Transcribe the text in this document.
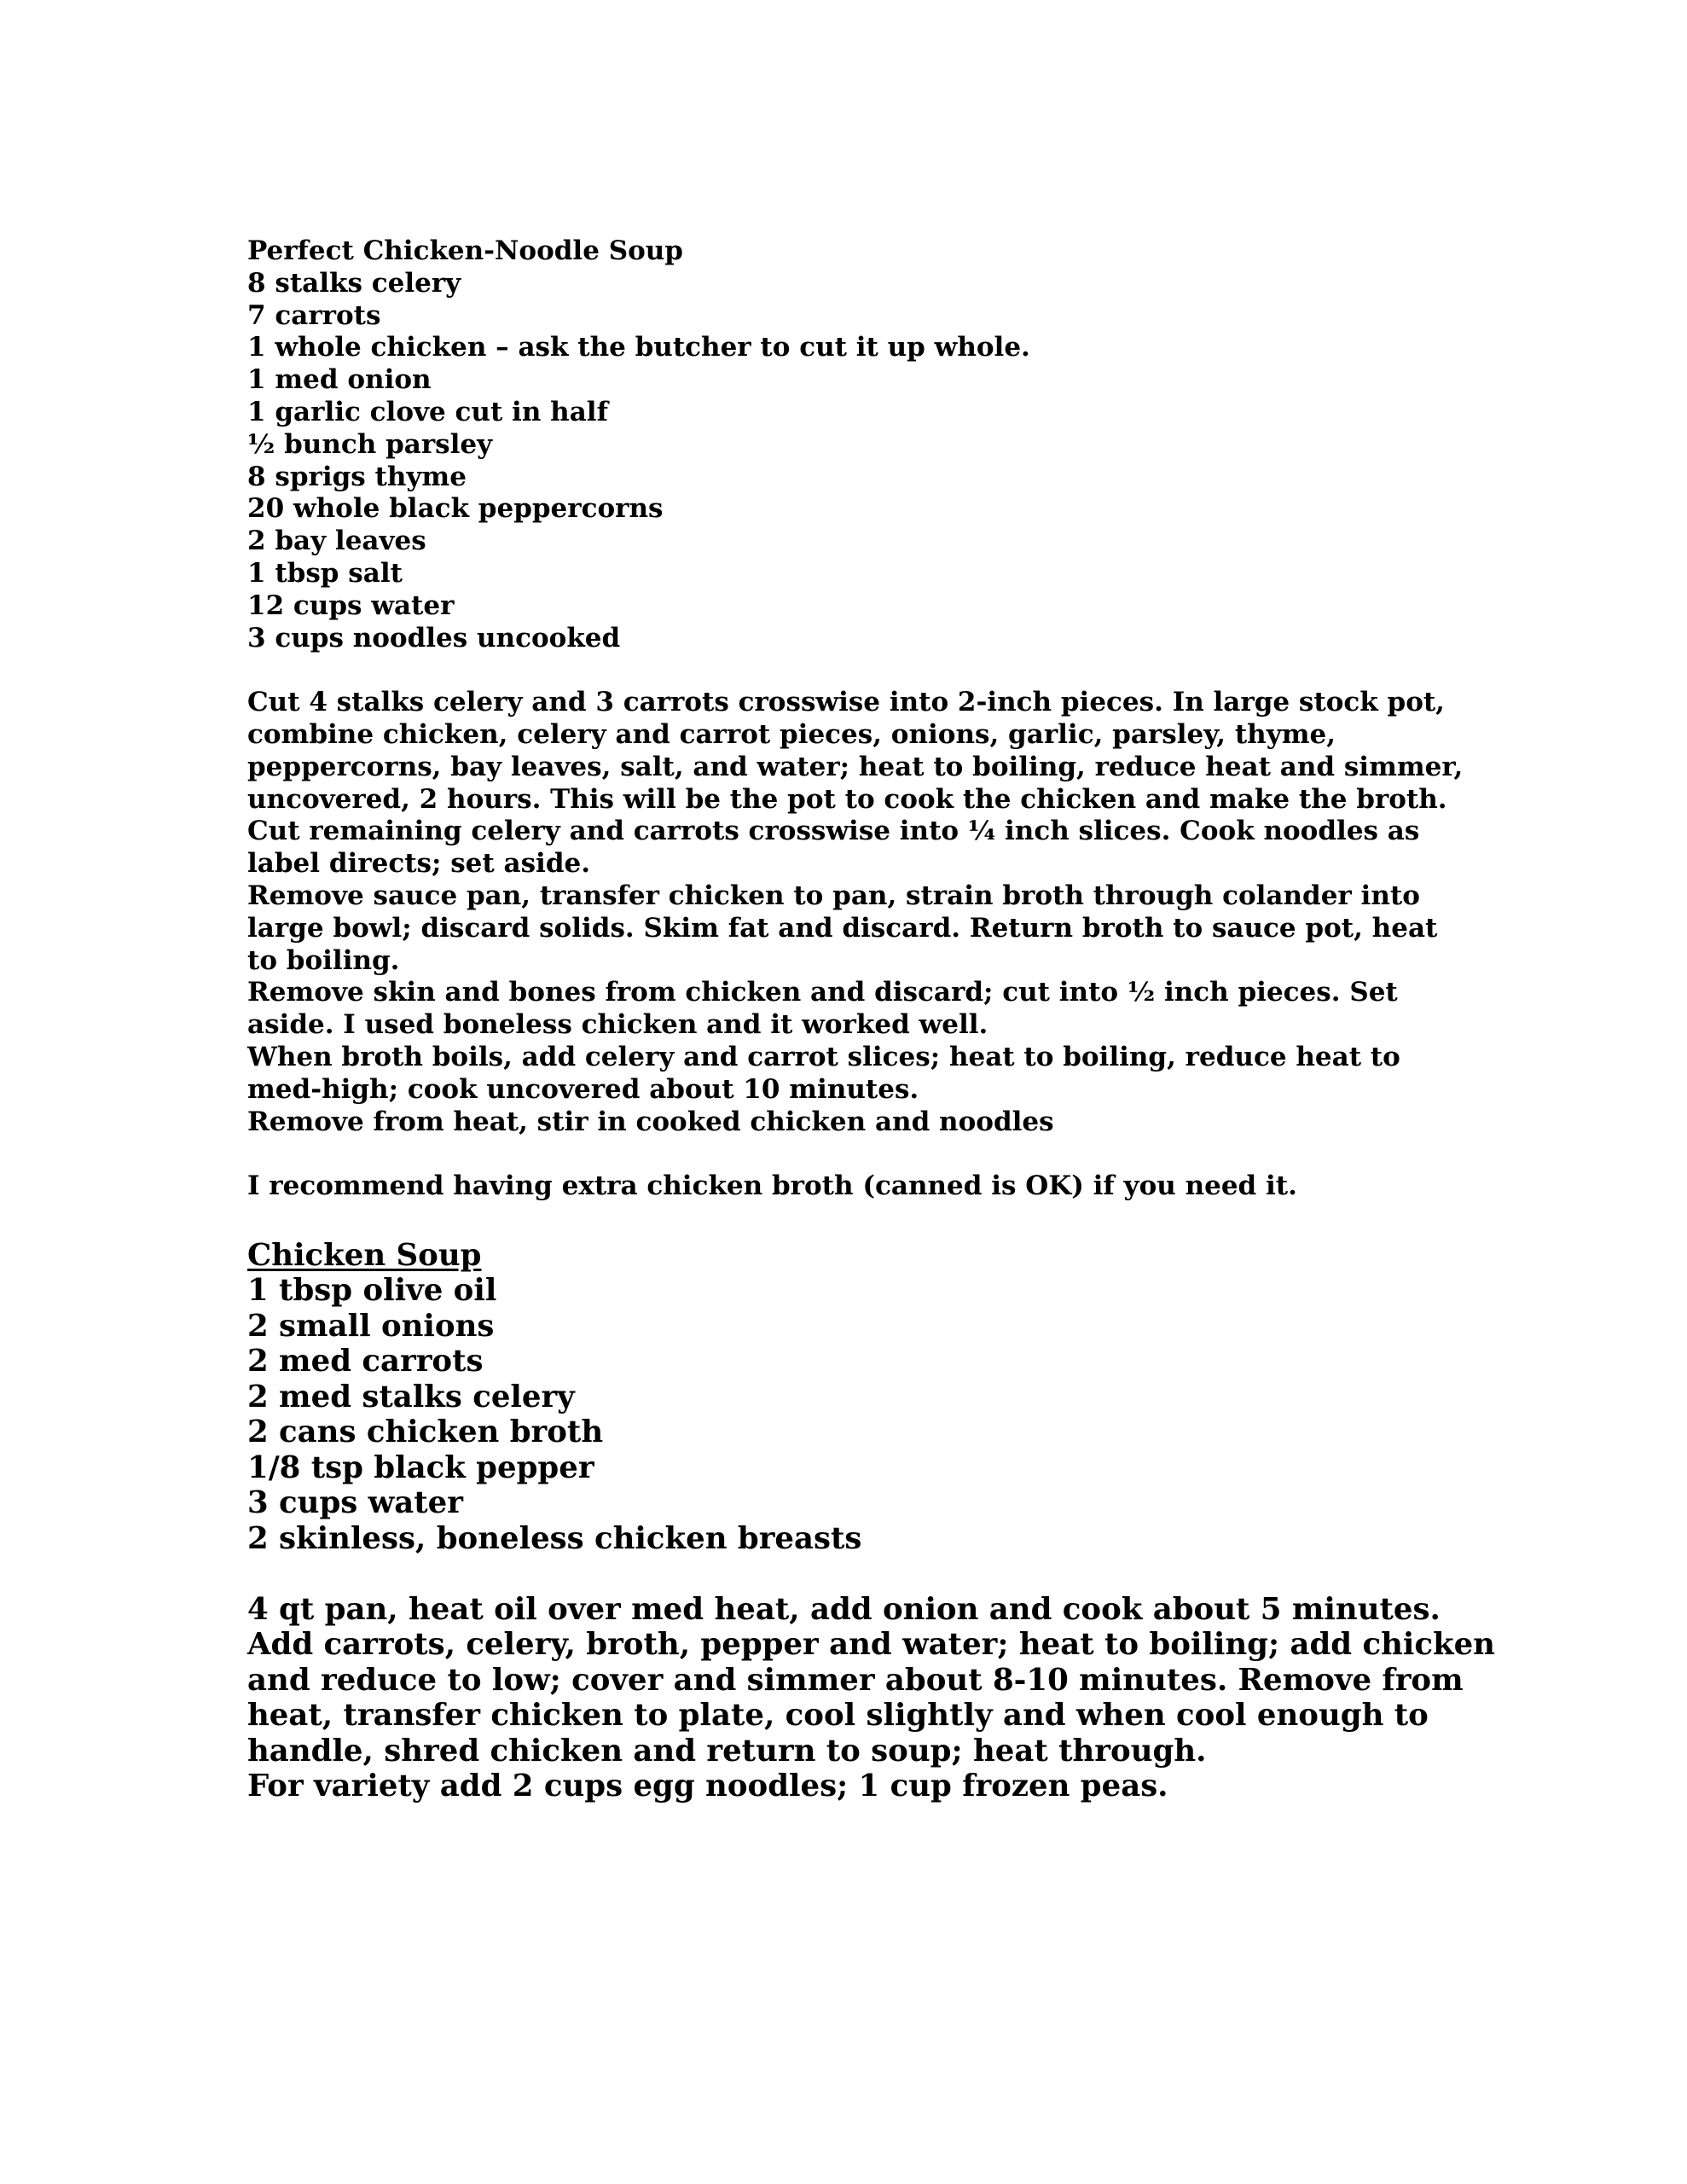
Perfect Chicken-Noodle Soup
8 stalks celery
7 carrots
1 whole chicken – ask the butcher to cut it up whole.
1 med onion
1 garlic clove cut in half
½ bunch parsley
8 sprigs thyme
20 whole black peppercorns
2 bay leaves
1 tbsp salt
12 cups water
3 cups noodles uncooked
Cut 4 stalks celery and 3 carrots crosswise into 2-inch pieces. In large stock pot,
combine chicken, celery and carrot pieces, onions, garlic, parsley, thyme,
peppercorns, bay leaves, salt, and water; heat to boiling, reduce heat and simmer,
uncovered, 2 hours. This will be the pot to cook the chicken and make the broth.
Cut remaining celery and carrots crosswise into ¼ inch slices. Cook noodles as
label directs; set aside.
Remove sauce pan, transfer chicken to pan, strain broth through colander into
large bowl; discard solids. Skim fat and discard. Return broth to sauce pot, heat
to boiling.
Remove skin and bones from chicken and discard; cut into ½ inch pieces. Set
aside. I used boneless chicken and it worked well.
When broth boils, add celery and carrot slices; heat to boiling, reduce heat to
med-high; cook uncovered about 10 minutes.
Remove from heat, stir in cooked chicken and noodles
I recommend having extra chicken broth (canned is OK) if you need it.
Chicken Soup
1 tbsp olive oil
2 small onions
2 med carrots
2 med stalks celery
2 cans chicken broth
1/8 tsp black pepper
3 cups water
2 skinless, boneless chicken breasts
4 qt pan, heat oil over med heat, add onion and cook about 5 minutes.
Add carrots, celery, broth, pepper and water; heat to boiling; add chicken
and reduce to low; cover and simmer about 8-10 minutes. Remove from
heat, transfer chicken to plate, cool slightly and when cool enough to
handle, shred chicken and return to soup; heat through.
For variety add 2 cups egg noodles; 1 cup frozen peas.
